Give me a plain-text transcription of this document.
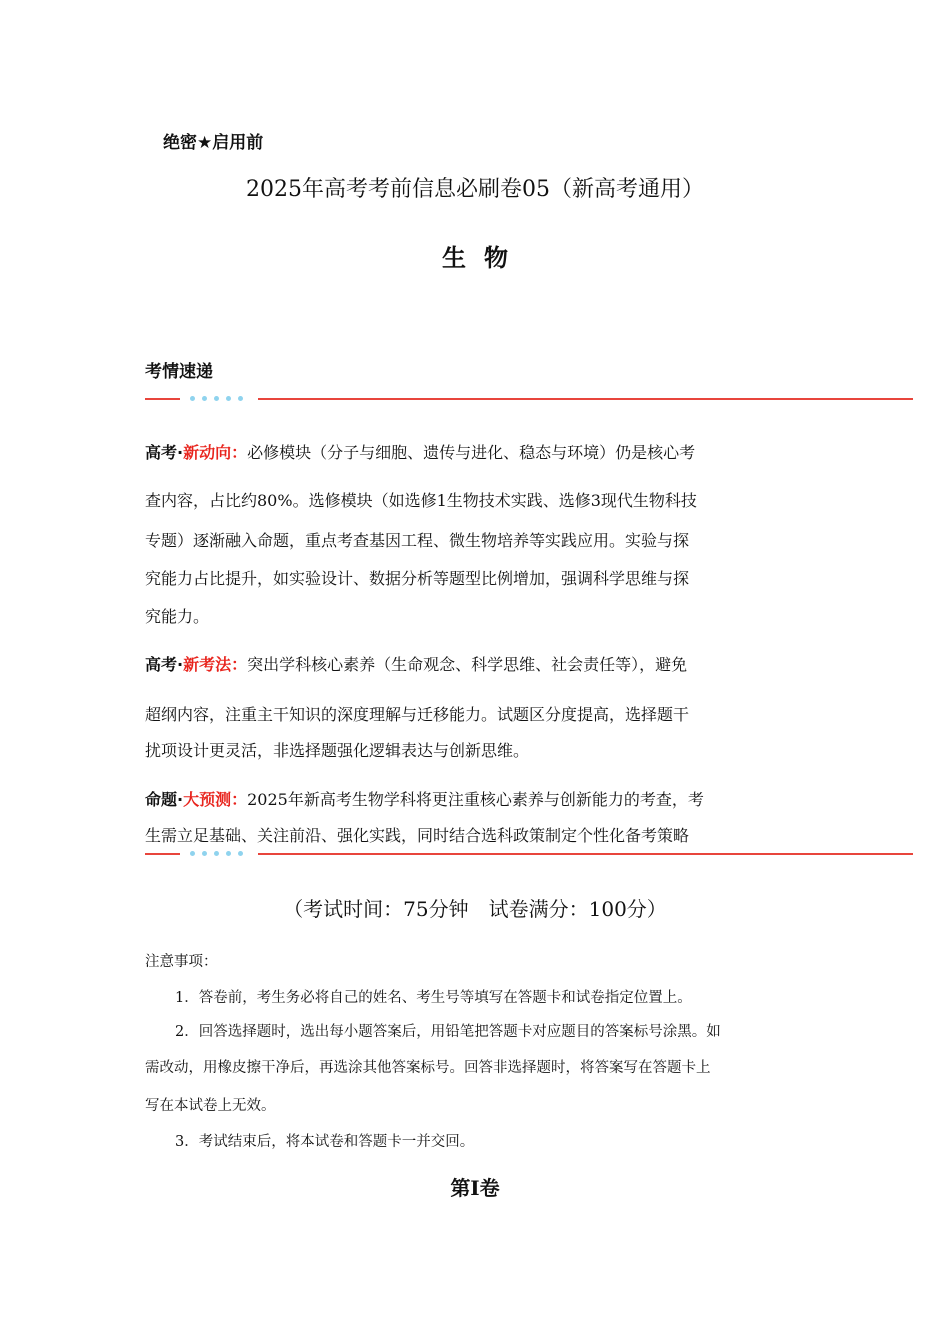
绝密★启用前
2025年高考考前信息必刷卷05（新高考通用）
生物
考情速递
高考·新动向：必修模块（分子与细胞、遗传与进化、稳态与环境）仍是核心考
查内容，占比约80%。选修模块（如选修1生物技术实践、选修3现代生物科技
专题）逐渐融入命题，重点考查基因工程、微生物培养等实践应用。实验与探
究能力占比提升，如实验设计、数据分析等题型比例增加，强调科学思维与探
究能力。
高考·新考法：突出学科核心素养（生命观念、科学思维、社会责任等），避免
超纲内容，注重主干知识的深度理解与迁移能力。试题区分度提高，选择题干
扰项设计更灵活，非选择题强化逻辑表达与创新思维。
命题·大预测：2025年新高考生物学科将更注重核心素养与创新能力的考查，考
生需立足基础、关注前沿、强化实践，同时结合选科政策制定个性化备考策略
（考试时间：75分钟　试卷满分：100分）
注意事项：
1．答卷前，考生务必将自己的姓名、考生号等填写在答题卡和试卷指定位置上。
2．回答选择题时，选出每小题答案后，用铅笔把答题卡对应题目的答案标号涂黑。如
需改动，用橡皮擦干净后，再选涂其他答案标号。回答非选择题时，将答案写在答题卡上
写在本试卷上无效。
3．考试结束后，将本试卷和答题卡一并交回。
第Ⅰ卷
